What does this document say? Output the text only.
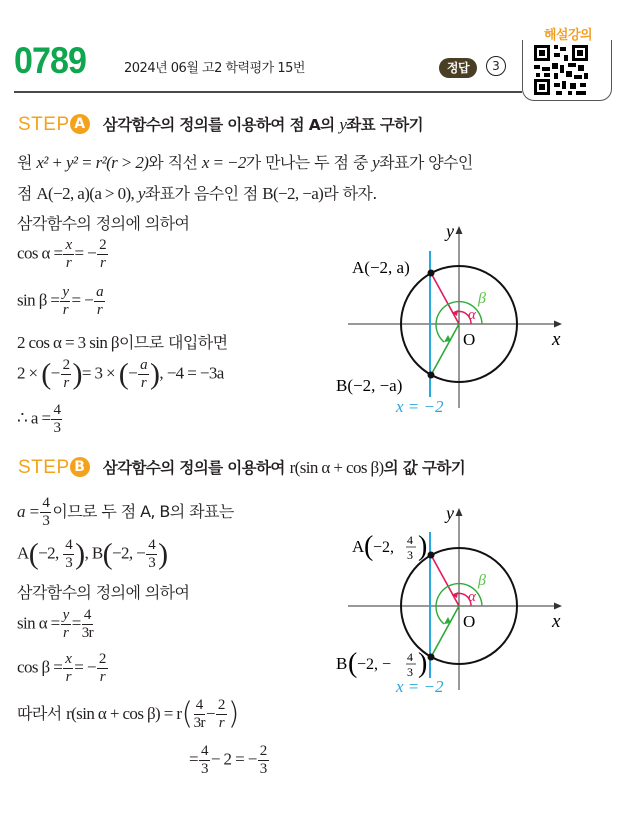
0789	2024년 06월 고2 학력평가 15번	정답	3
해설강의
STEP A 삼각함수의 정의를 이용하여 점 A의 y좌표 구하기
원 x² + y² = r²(r > 2)와 직선 x = −2가 만나는 두 점 중 y좌표가 양수인
점 A(−2, a)(a > 0), y좌표가 음수인 점 B(−2, −a)라 하자.
삼각함수의 정의에 의하여
$\cos \alpha = \frac{x}{r}$ = − $\frac{2}{r}$
$\sin \beta = \frac{y}{r}$ = − $\frac{a}{r}$
2 cos α = 3 sin β이므로 대입하면
2 × (− $\frac{2}{r}$ )= 3 × (− $\frac{a}{r}$ ), −4 = −3a
∴ $a = \frac{4}{3}$
A(−2, a)
B(−2, −a)
x = −2
O	x
y
α
β
STEP B 삼각함수의 정의를 이용하여 r(sin α + cos β)의 값 구하기
$a = \frac{4}{3}$ 이므로 두 점 A, B의 좌표는
A(−2, $\frac{4}{3}$ ), B(−2, − $\frac{4}{3}$ )
삼각함수의 정의에 의하여
$\sin \alpha = \frac{y}{r} = \frac{4}{3r}$
$\cos \beta = \frac{x}{r}$ = − $\frac{2}{r}$
따라서 r(sin $\alpha + \cos \beta) = r( \frac{4}{3r} - \frac{2}{r}$ )
= $\frac{4}{3} - 2$ = − $\frac{2}{3}$
A ( −2, 4
3 )
B ( −2, − 4
3 )
x = −2
O	x
y
α
β
